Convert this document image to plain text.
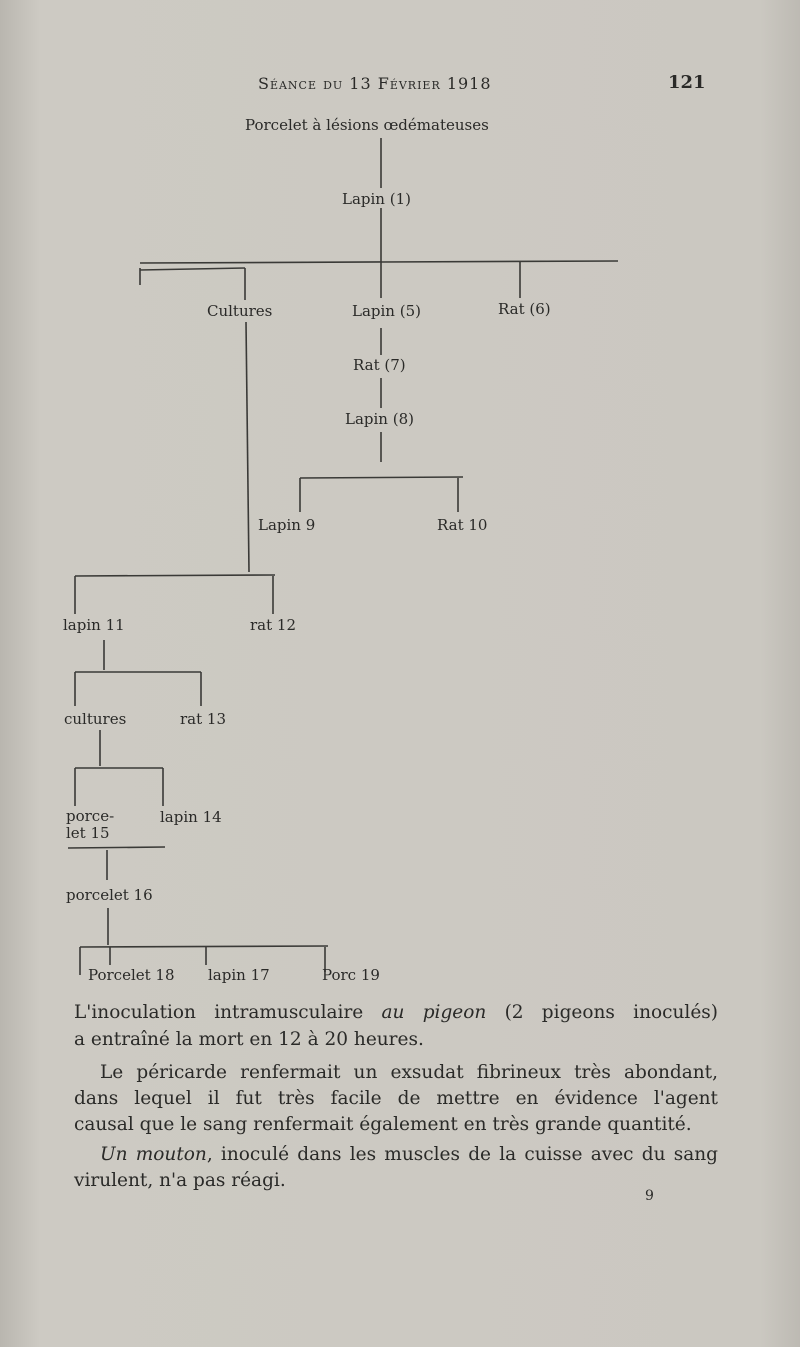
Séance du 13 Février 1918	121
Porcelet à lésions œdémateuses
Lapin (1)
Cultures	Lapin (5)	Rat (6)
Rat (7)
Lapin (8)
Lapin 9	Rat 10
lapin 11	rat 12
cultures	rat 13
porce-
let 15
lapin 14
porcelet 16
Porcelet 18 lapin 17	Porc 19
L'inoculation intramusculaire au pigeon (2 pigeons inoculés)
a entraîné la mort en 12 à 20 heures.
Le péricarde renfermait un exsudat fibrineux très abondant,
dans lequel il fut très facile de mettre en évidence l'agent
causal que le sang renfermait également en très grande quantité.
Un mouton, inoculé dans les muscles de la cuisse avec du sang
virulent, n'a pas réagi.
9
